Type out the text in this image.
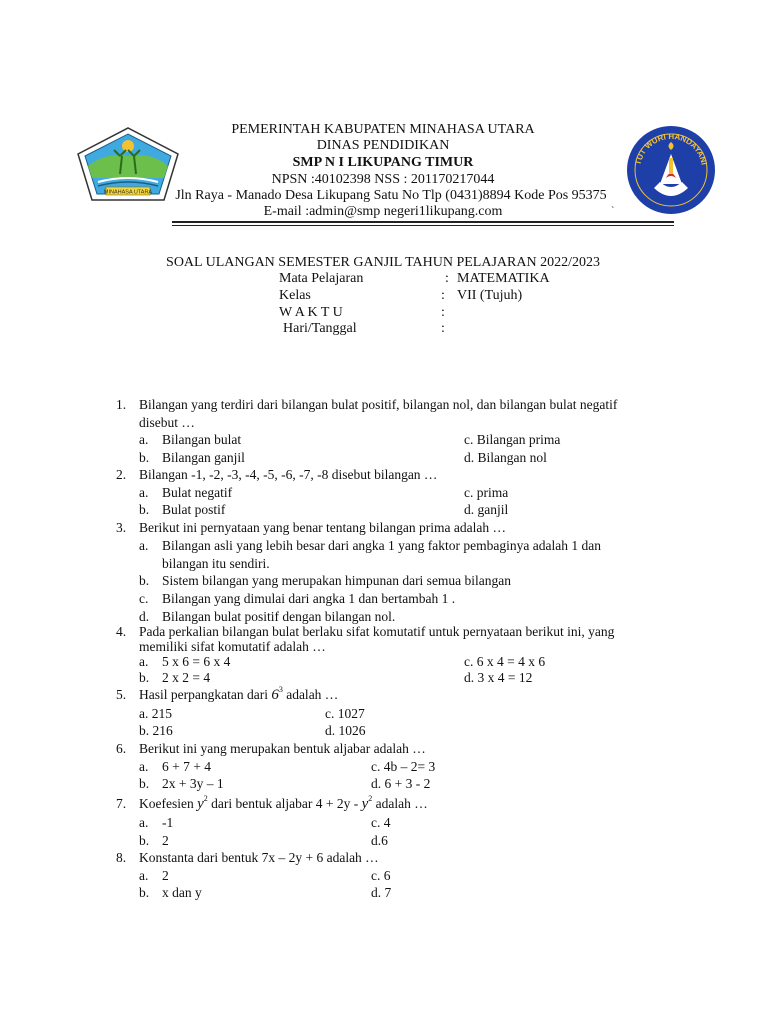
MINAHASA UTARA
TUT WURI HANDAYANI
PEMERINTAH KABUPATEN MINAHASA UTARA
DINAS PENDIDIKAN
SMP N I LIKUPANG TIMUR
NPSN :40102398 NSS : 201170217044
Jln Raya - Manado Desa Likupang Satu No Tlp (0431)8894 Kode Pos 95375
E-mail :admin@smp negeri1likupang.com	`
SOAL ULANGAN SEMESTER GANJIL TAHUN PELAJARAN 2022/2023
Mata Pelajaran	: MATEMATIKA
Kelas	: VII (Tujuh)
W A K T U	:
Hari/Tanggal	:
1. Bilangan yang terdiri dari bilangan bulat positif, bilangan nol, dan bilangan bulat negatif
disebut …
a. Bilangan bulat	c. Bilangan prima
b. Bilangan ganjil	d. Bilangan nol
2. Bilangan -1, -2, -3, -4, -5, -6, -7, -8 disebut bilangan …
a. Bulat negatif	c. prima
b. Bulat postif	d. ganjil
3. Berikut ini pernyataan yang benar tentang bilangan prima adalah …
a. Bilangan asli yang lebih besar dari angka 1 yang faktor pembaginya adalah 1 dan
bilangan itu sendiri.
b. Sistem bilangan yang merupakan himpunan dari semua bilangan
c. Bilangan yang dimulai dari angka 1 dan bertambah 1 .
d. Bilangan bulat positif dengan bilangan nol.
4. Pada perkalian bilangan bulat berlaku sifat komutatif untuk pernyataan berikut ini, yang
memiliki sifat komutatif adalah …
a. 5 x 6 = 6 x 4	c. 6 x 4 = 4 x 6
b. 2 x 2 = 4	d. 3 x 4 = 12
5. Hasil perpangkatan dari $6^3$ adalah …
a. 215	c. 1027
b. 216	d. 1026
6. Berikut ini yang merupakan bentuk aljabar adalah …
a. 6 + 7 + 4	c. 4b – 2= 3
b. 2x + 3y – 1	d. 6 + 3 - 2
7. Koefesien $y^2$ dari bentuk aljabar $4 + 2y - y^2$ adalah …
a. -1	c. 4
b. 2	d.6
8. Konstanta dari bentuk 7x – 2y + 6 adalah …
a. 2	c. 6
b. x dan y	d. 7
